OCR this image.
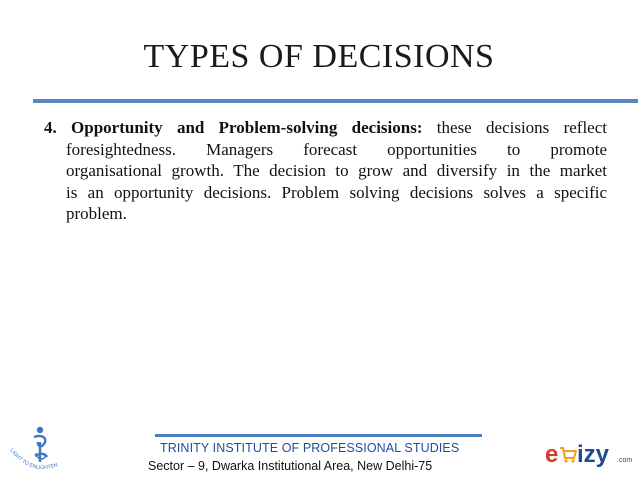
TYPES OF DECISIONS
4. Opportunity and Problem-solving decisions: these decisions reflect
foresightedness. Managers forecast opportunities to promote
organisational growth. The decision to grow and diversify in the market
is an opportunity decisions. Problem solving decisions solves a specific
problem.
LIGHT TO ENLIGHTEN
TRINITY INSTITUTE OF PROFESSIONAL STUDIES
Sector – 9, Dwarka Institutional Area, New Delhi-75	e izy .com
